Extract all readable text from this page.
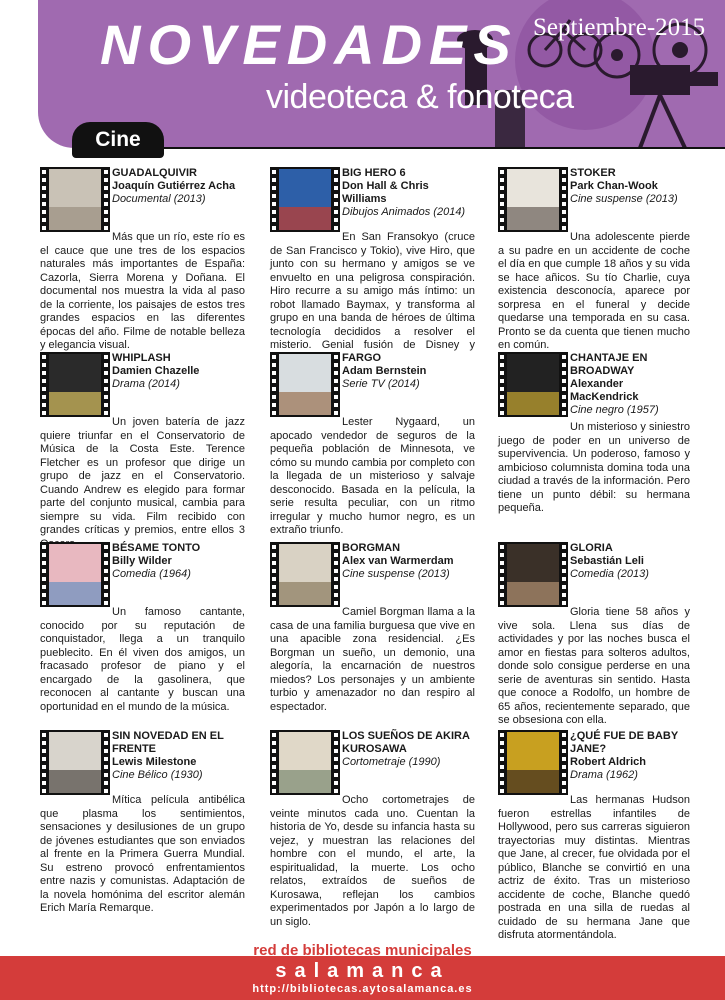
NOVEDADES Septiembre-2015
videoteca & fonoteca
Cine
GUADALQUIVIR
Joaquín Gutiérrez Acha
Documental (2013)
Más que un río, este río es el cauce que une tres de los espacios naturales más importantes de España: Cazorla, Sierra Morena y Doñana. El documental nos muestra la vida al paso de la corriente, los paisajes de estos tres grandes espacios en las diferentes épocas del año. Filme de notable belleza y elegancia visual.
BIG HERO 6
Don Hall & Chris Williams
Dibujos Animados (2014)
En San Fransokyo (cruce de San Francisco y Tokio), vive Hiro, que junto con su hermano y amigos se ve envuelto en una peligrosa conspiración. Hiro recurre a su amigo más íntimo: un robot llamado Baymax, y transforma al grupo en una banda de héroes de última tecnología decididos a resolver el misterio. Genial fusión de Disney y
STOKER
Park Chan-Wook
Cine suspense (2013)
Una adolescente pierde a su padre en un accidente de coche el día en que cumple 18 años y su vida se hace añicos. Su tío Charlie, cuya existencia desconocía, aparece por sorpresa en el funeral y decide quedarse una temporada en su casa. Pronto se da cuenta que tienen mucho en común.
WHIPLASH
Damien Chazelle
Drama (2014)
Un joven batería de jazz quiere triunfar en el Conservatorio de Música de la Costa Este. Terence Fletcher es un profesor que dirige un grupo de jazz en el Conservatorio. Cuando Andrew es elegido para formar parte del conjunto musical, cambia para siempre su vida. Film recibido con grandes críticas y premios, entre ellos 3
FARGO
Adam Bernstein
Serie TV (2014)
Lester Nygaard, un apocado vendedor de seguros de la pequeña población de Minnesota, ve cómo su mundo cambia por completo con la llegada de un misterioso y salvaje desconocido. Basada en la película, la serie resulta peculiar, con un ritmo irregular y mucho humor negro, es un extraño triunfo.
CHANTAJE EN BROADWAY
Alexander MacKendrick
Cine negro (1957)
Un misterioso y siniestro juego de poder en un universo de supervivencia. Un poderoso, famoso y ambicioso columnista domina toda una ciudad a través de la información. Pero tiene un punto débil: su hermana pequeña.
BÉSAME TONTO
Billy Wilder
Comedia (1964)
Un famoso cantante, conocido por su reputación de conquistador, llega a un tranquilo pueblecito. En él viven dos amigos, un fracasado profesor de piano y el encargado de la gasolinera, que reconocen al cantante y buscan una oportunidad en el mundo de la música.
BORGMAN
Alex van Warmerdam
Cine suspense (2013)
Camiel Borgman llama a la casa de una familia burguesa que vive en una apacible zona residencial. ¿Es Borgman un sueño, un demonio, una alegoría, la encarnación de nuestros miedos? Los personajes y un ambiente turbio y amenazador no dan respiro al espectador.
GLORIA
Sebastián Leli
Comedia (2013)
Gloria tiene 58 años y vive sola. Llena sus días de actividades y por las noches busca el amor en fiestas para solteros adultos, donde solo consigue perderse en una serie de aventuras sin sentido. Hasta que conoce a Rodolfo, un hombre de 65 años, recientemente separado, que se obsesiona con ella.
SIN NOVEDAD EN EL FRENTE
Lewis Milestone
Cine Bélico (1930)
Mítica película antibélica que plasma los sentimientos, sensaciones y desilusiones de un grupo de jóvenes estudiantes que son enviados al frente en la Primera Guerra Mundial. Su estreno provocó enfrentamientos entre nazis y comunistas. Adaptación de la novela homónima del escritor alemán Erich María Remarque.
LOS SUEÑOS DE AKIRA KUROSAWA
Cortometraje (1990)
Ocho cortometrajes de veinte minutos cada uno. Cuentan la historia de Yo, desde su infancia hasta su vejez, y muestran las relaciones del hombre con el mundo, el arte, la espiritualidad, la muerte. Los ocho relatos, extraídos de sueños de Kurosawa, reflejan los cambios experimentados por Japón a lo largo de un siglo.
¿QUÉ FUE DE BABY JANE?
Robert Aldrich
Drama (1962)
Las hermanas Hudson fueron estrellas infantiles de Hollywood, pero sus carreras siguieron trayectorias muy distintas. Mientras que Jane, al crecer, fue olvidada por el público, Blanche se convirtió en una actriz de éxito. Tras un misterioso accidente de coche, Blanche quedó postrada en una silla de ruedas al cuidado de su hermana Jane que disfruta atormentándola.
red de bibliotecas municipales
salamanca
http://bibliotecas.aytosalamanca.es
